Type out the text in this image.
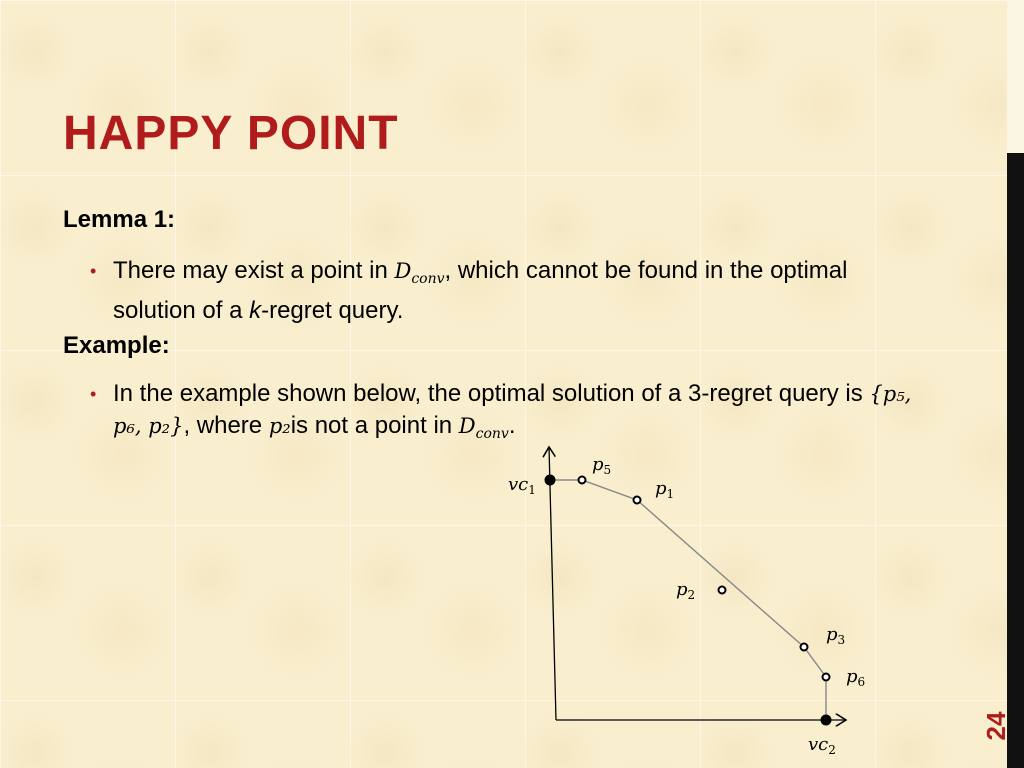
HAPPY POINT
Lemma 1:
• There may exist a point in $D_{conv}$, which cannot be found in the optimal solution of a k-regret query.
Example:
• In the example shown below, the optimal solution of a 3-regret query is {p₅, p₆, p₂}, where p₂is not a point in $D_{conv}$.
$vc_1$
$p_5$
$p_1$
$p_2$
$p_3$
$p_6$
$vc_2$
24
